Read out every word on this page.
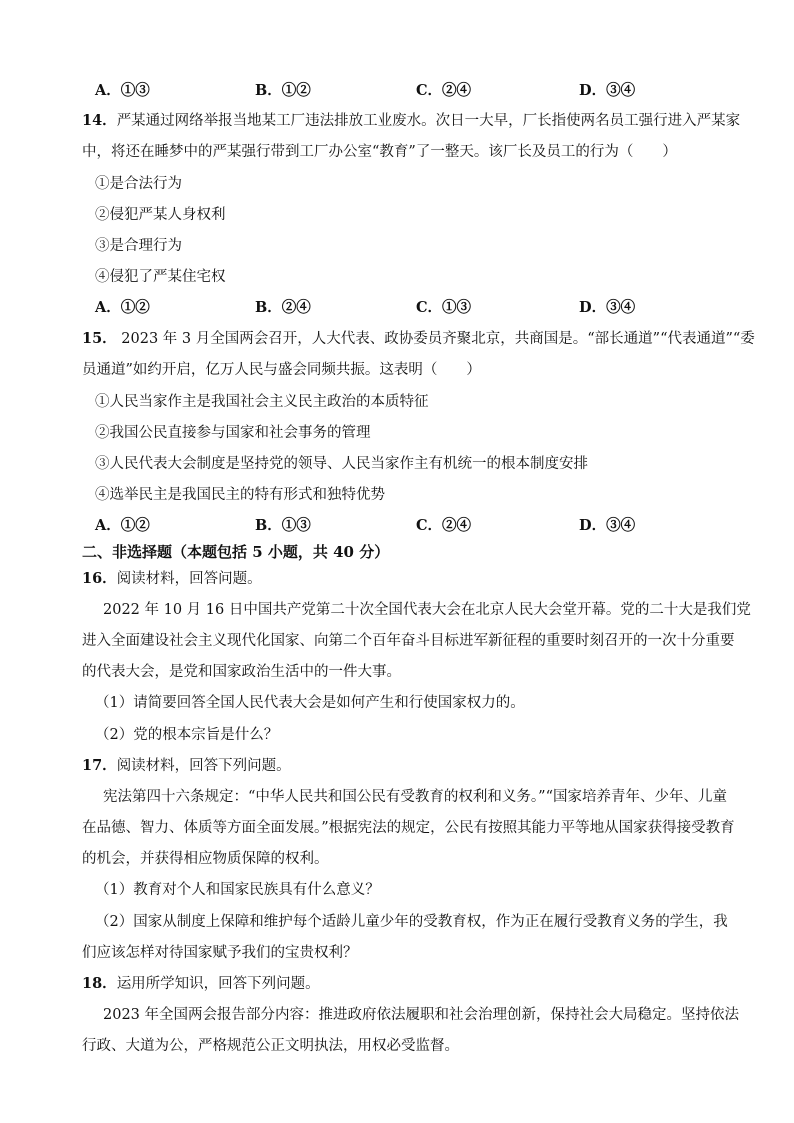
A．①③	B．①②	C．②④	D．③④
14．严某通过网络举报当地某工厂违法排放工业废水。次日一大早，厂长指使两名员工强行进入严某家
中，将还在睡梦中的严某强行带到工厂办公室“教育”了一整天。该厂长及员工的行为（　　）
①是合法行为
②侵犯严某人身权利
③是合理行为
④侵犯了严某住宅权
A．①②	B．②④	C．①③	D．③④
15． 2023 年 3 月全国两会召开，人大代表、政协委员齐聚北京，共商国是。“部长通道”“代表通道”“委
员通道”如约开启，亿万人民与盛会同频共振。这表明（　　）
①人民当家作主是我国社会主义民主政治的本质特征
②我国公民直接参与国家和社会事务的管理
③人民代表大会制度是坚持党的领导、人民当家作主有机统一的根本制度安排
④选举民主是我国民主的特有形式和独特优势
A．①②	B．①③	C．②④	D．③④
二、非选择题（本题包括 5 小题，共 40 分）
16．阅读材料，回答问题。
2022 年 10 月 16 日中国共产党第二十次全国代表大会在北京人民大会堂开幕。党的二十大是我们党
进入全面建设社会主义现代化国家、向第二个百年奋斗目标进军新征程的重要时刻召开的一次十分重要
的代表大会，是党和国家政治生活中的一件大事。
（1）请简要回答全国人民代表大会是如何产生和行使国家权力的。
（2）党的根本宗旨是什么？
17．阅读材料，回答下列问题。
宪法第四十六条规定：“中华人民共和国公民有受教育的权利和义务。”“国家培养青年、少年、儿童
在品德、智力、体质等方面全面发展。”根据宪法的规定，公民有按照其能力平等地从国家获得接受教育
的机会，并获得相应物质保障的权利。
（1）教育对个人和国家民族具有什么意义？
（2）国家从制度上保障和维护每个适龄儿童少年的受教育权，作为正在履行受教育义务的学生，我
们应该怎样对待国家赋予我们的宝贵权利？
18．运用所学知识，回答下列问题。
2023 年全国两会报告部分内容：推进政府依法履职和社会治理创新，保持社会大局稳定。坚持依法
行政、大道为公，严格规范公正文明执法，用权必受监督。
